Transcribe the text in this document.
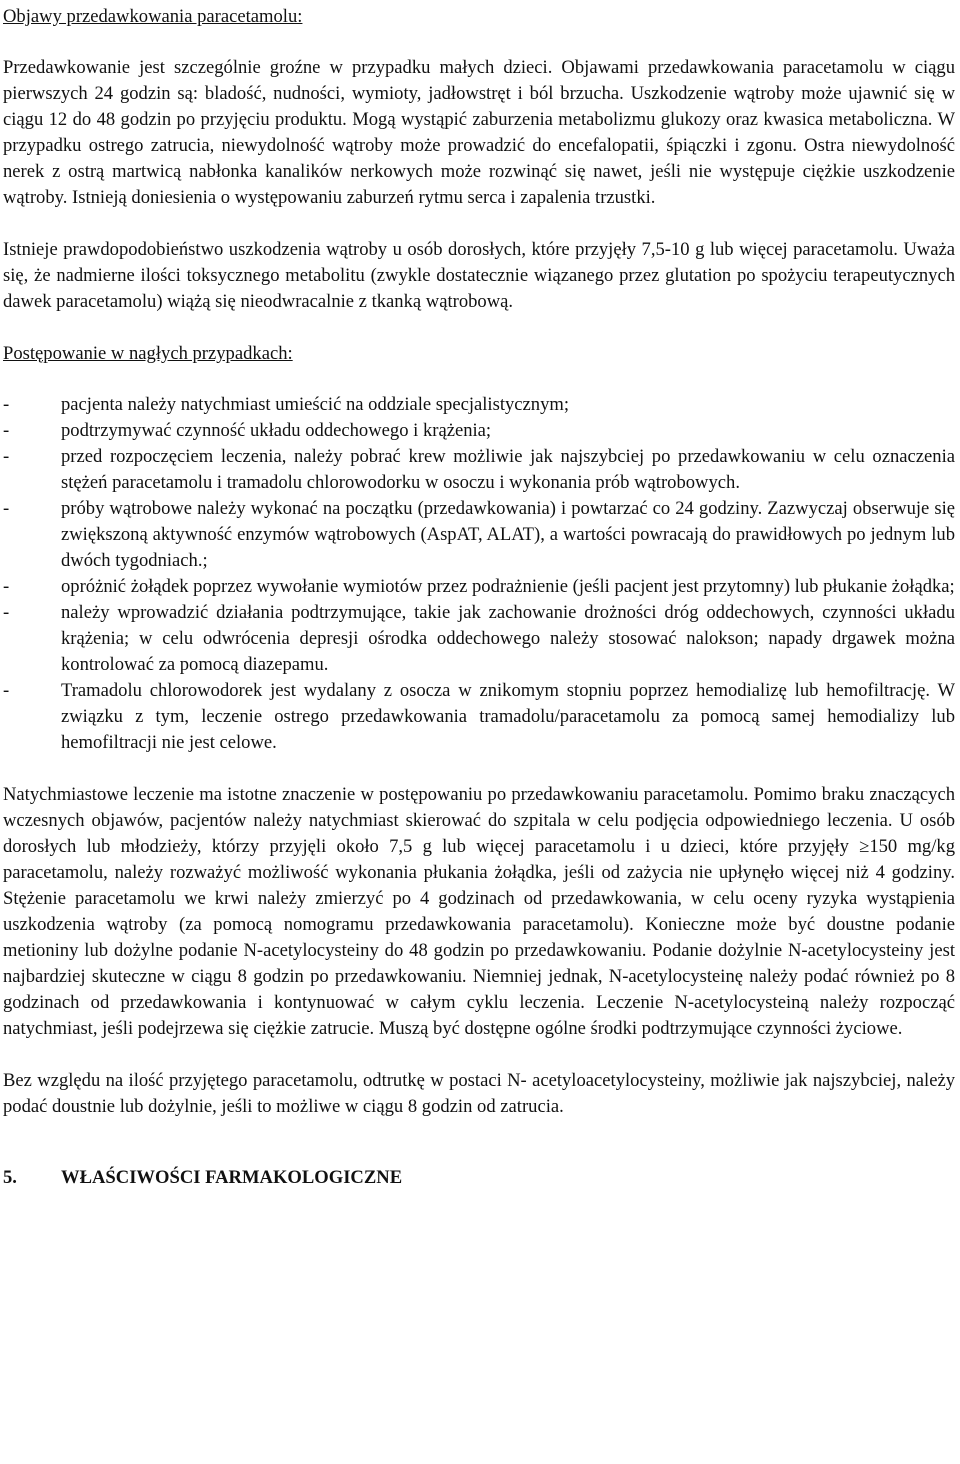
Objawy przedawkowania paracetamolu:

Przedawkowanie jest szczególnie groźne w przypadku małych dzieci. Objawami przedawkowania paracetamolu w ciągu pierwszych 24 godzin są: bladość, nudności, wymioty, jadłowstręt i ból brzucha. Uszkodzenie wątroby może ujawnić się w ciągu 12 do 48 godzin po przyjęciu produktu. Mogą wystąpić zaburzenia metabolizmu glukozy oraz kwasica metaboliczna. W przypadku ostrego zatrucia, niewydolność wątroby może prowadzić do encefalopatii, śpiączki i zgonu. Ostra niewydolność nerek z ostrą martwicą nabłonka kanalików nerkowych może rozwinąć się nawet, jeśli nie występuje ciężkie uszkodzenie wątroby. Istnieją doniesienia o występowaniu zaburzeń rytmu serca i zapalenia trzustki.

Istnieje prawdopodobieństwo uszkodzenia wątroby u osób dorosłych, które przyjęły 7,5-10 g lub więcej paracetamolu. Uważa się, że nadmierne ilości toksycznego metabolitu (zwykle dostatecznie wiązanego przez glutation po spożyciu terapeutycznych dawek paracetamolu) wiążą się nieodwracalnie z tkanką wątrobową.

Postępowanie w nagłych przypadkach:
-	pacjenta należy natychmiast umieścić na oddziale specjalistycznym;
-	podtrzymywać czynność układu oddechowego i krążenia;
-	przed rozpoczęciem leczenia, należy pobrać krew możliwie jak najszybciej po przedawkowaniu w celu oznaczenia stężeń paracetamolu i tramadolu chlorowodorku w osoczu i wykonania prób wątrobowych.
-	próby wątrobowe należy wykonać na początku (przedawkowania) i powtarzać co 24 godziny. Zazwyczaj obserwuje się zwiększoną aktywność enzymów wątrobowych (AspAT, ALAT), a wartości powracają do prawidłowych po jednym lub dwóch tygodniach.;
-	opróżnić żołądek poprzez wywołanie wymiotów przez podrażnienie (jeśli pacjent jest przytomny) lub płukanie żołądka;
-	należy wprowadzić działania podtrzymujące, takie jak zachowanie drożności dróg oddechowych, czynności układu krążenia; w celu odwrócenia depresji ośrodka oddechowego należy stosować nalokson; napady drgawek można kontrolować za pomocą diazepamu.
-	Tramadolu chlorowodorek jest wydalany z osocza w znikomym stopniu poprzez hemodializę lub hemofiltrację. W związku z tym, leczenie ostrego przedawkowania tramadolu/paracetamolu za pomocą samej hemodializy lub hemofiltracji nie jest celowe.

Natychmiastowe leczenie ma istotne znaczenie w postępowaniu po przedawkowaniu paracetamolu. Pomimo braku znaczących wczesnych objawów, pacjentów należy natychmiast skierować do szpitala w celu podjęcia odpowiedniego leczenia. U osób dorosłych lub młodzieży, którzy przyjęli około 7,5 g lub więcej paracetamolu i u dzieci, które przyjęły ≥150 mg/kg paracetamolu, należy rozważyć możliwość wykonania płukania żołądka, jeśli od zażycia nie upłynęło więcej niż 4 godziny. Stężenie paracetamolu we krwi należy zmierzyć po 4 godzinach od przedawkowania, w celu oceny ryzyka wystąpienia uszkodzenia wątroby (za pomocą nomogramu przedawkowania paracetamolu). Konieczne może być doustne podanie metioniny lub dożylne podanie N-acetylocysteiny do 48 godzin po przedawkowaniu. Podanie dożylnie N-acetylocysteiny jest najbardziej skuteczne w ciągu 8 godzin po przedawkowaniu. Niemniej jednak, N-acetylocysteinę należy podać również po 8 godzinach od przedawkowania i kontynuować w całym cyklu leczenia. Leczenie N-acetylocysteiną należy rozpocząć natychmiast, jeśli podejrzewa się ciężkie zatrucie. Muszą być dostępne ogólne środki podtrzymujące czynności życiowe.

Bez względu na ilość przyjętego paracetamolu, odtrutkę w postaci N- acetyloacetylocysteiny, możliwie jak najszybciej, należy podać doustnie lub dożylnie, jeśli to możliwe w ciągu 8 godzin od zatrucia.

5.	WŁAŚCIWOŚCI FARMAKOLOGICZNE
